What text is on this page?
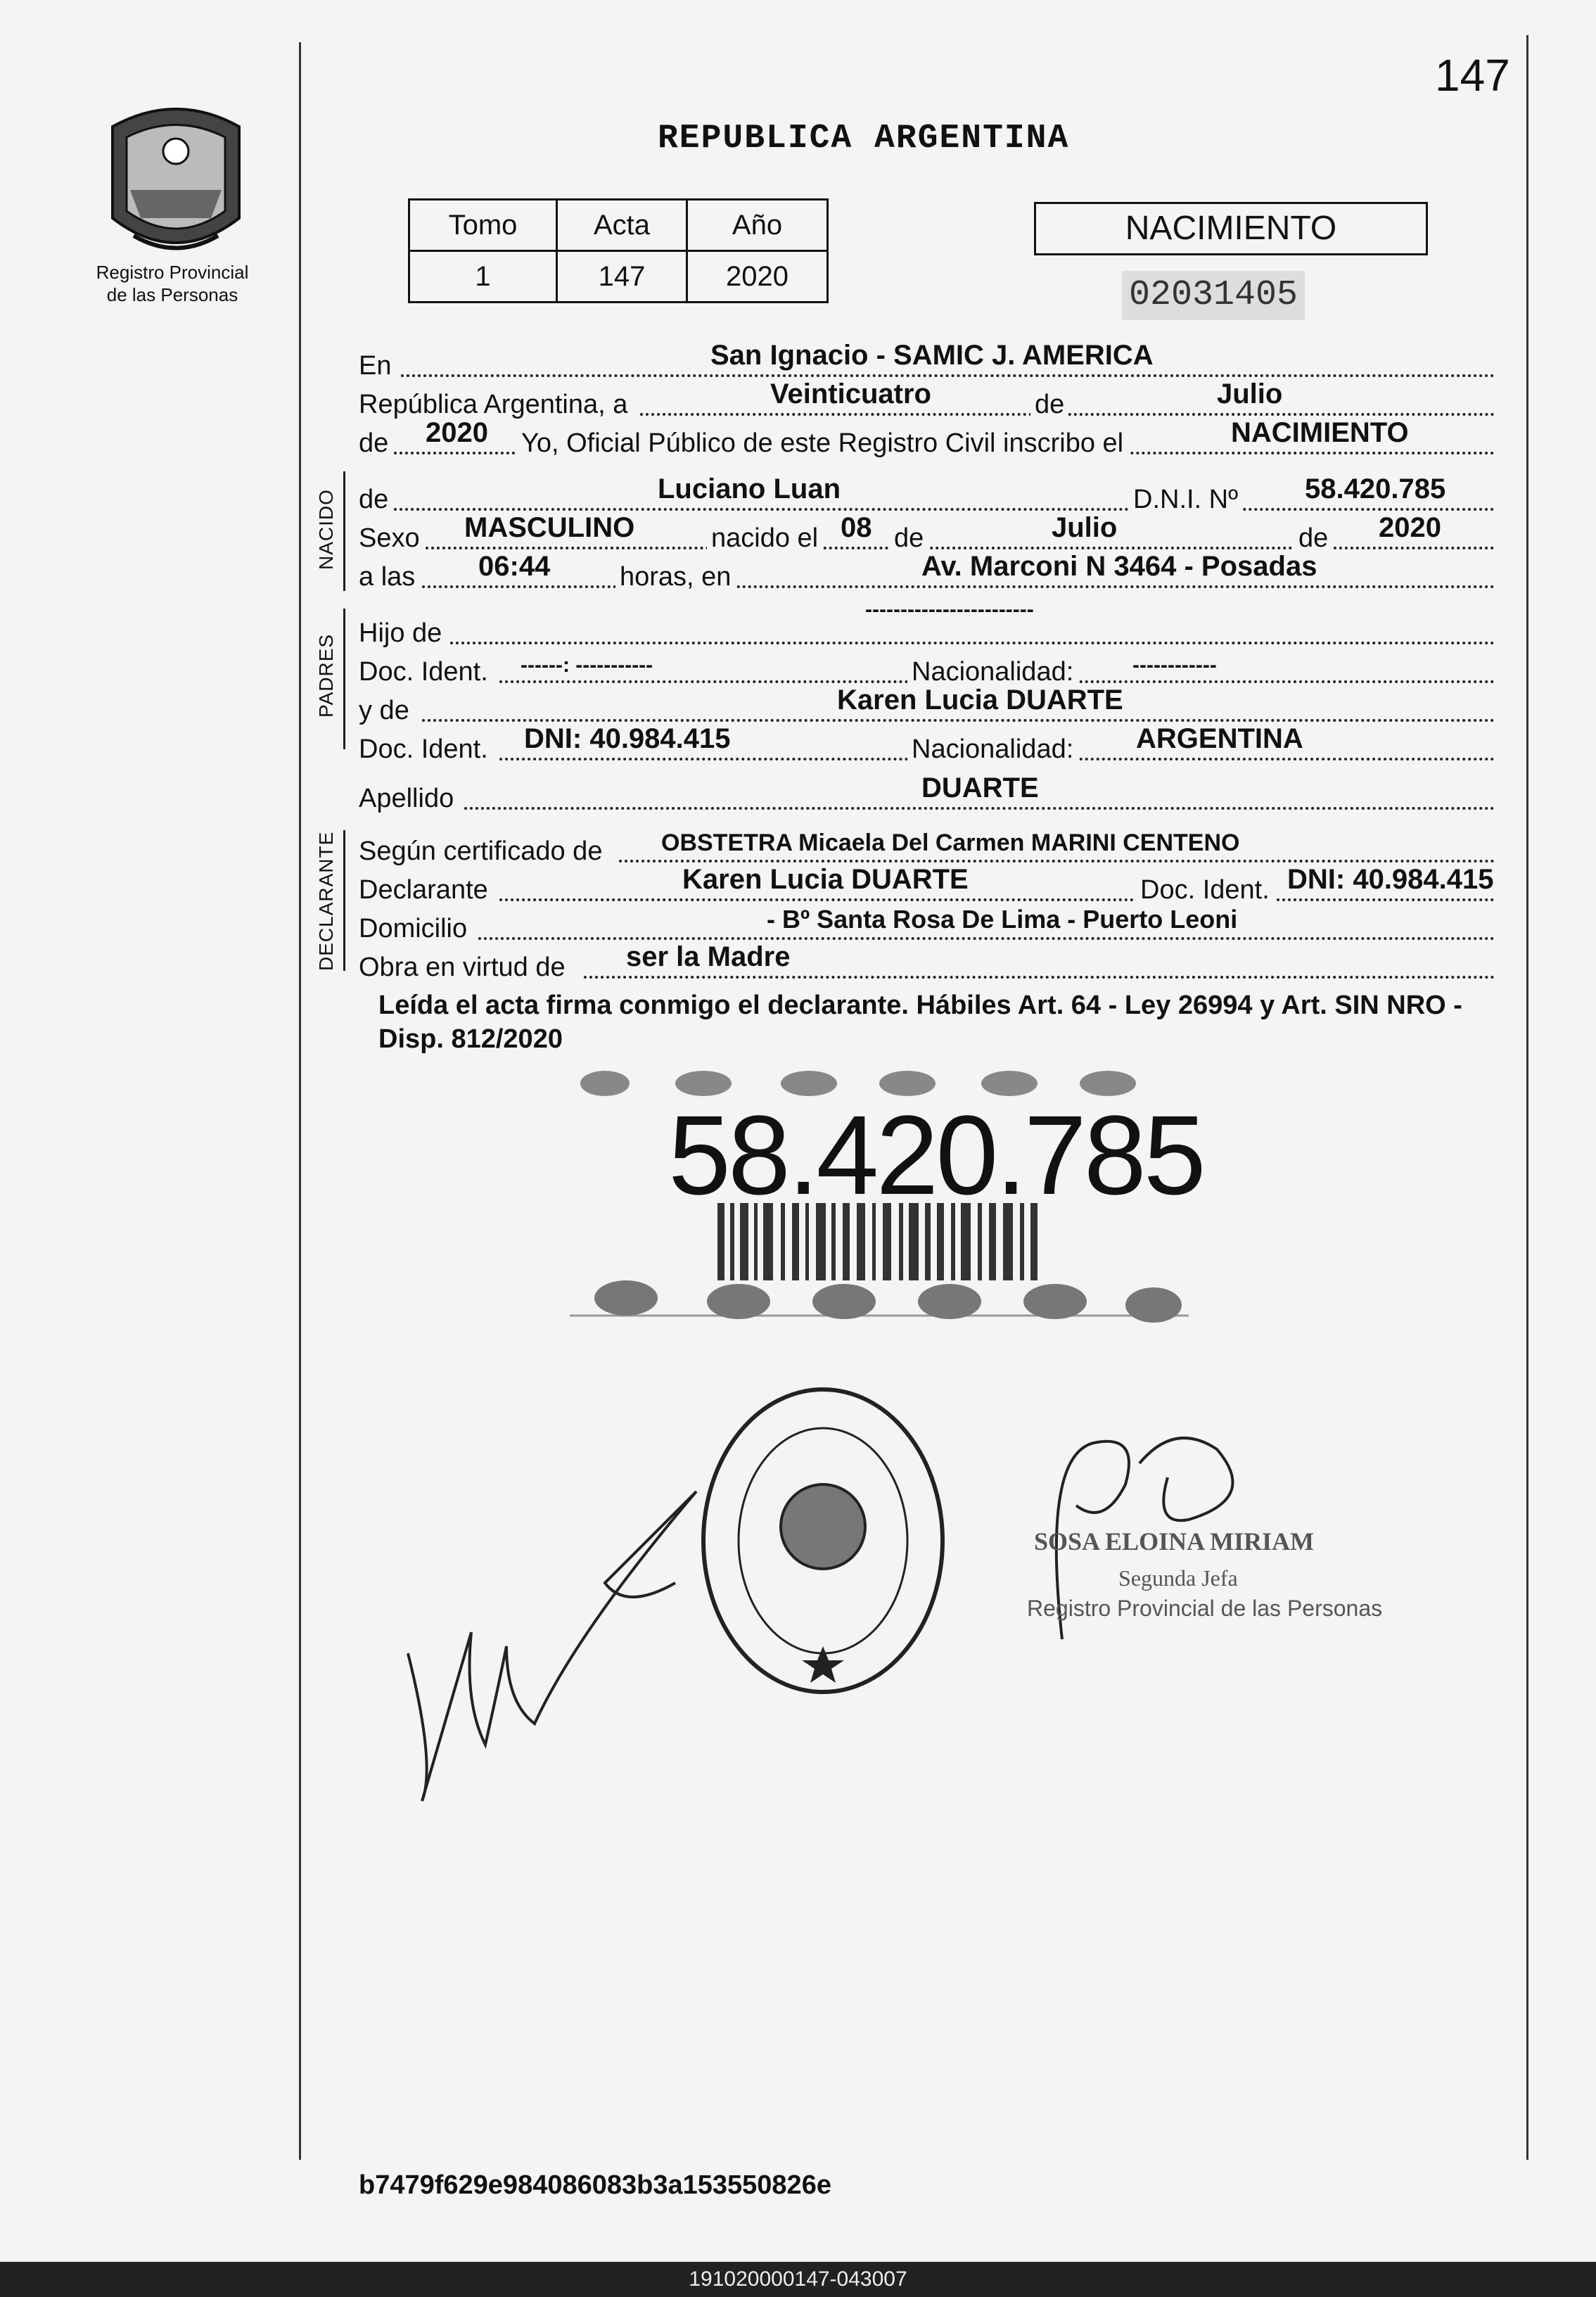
147
Registro Provincial
de las Personas
REPUBLICA ARGENTINA
Tomo	Acta	Año
1	147	2020
NACIMIENTO
02031405
En	San Ignacio - SAMIC J. AMERICA
República Argentina, a	Veinticuatro	de	Julio
de 2020 Yo, Oficial Público de este Registro Civil inscribo el	NACIMIENTO
NACIDO de	Luciano Luan	D.N.I. Nº 58.420.785
Sexo MASCULINO	nacido el 08 de	Julio	de 2020
a las 06:44	horas, en	Av. Marconi N 3464 - Posadas
PADRES
Hijo de
------------------------
Doc. Ident. ------: -----------	Nacionalidad:	------------
y de	Karen Lucia DUARTE
Doc. Ident. DNI: 40.984.415	Nacionalidad: ARGENTINA
Apellido	DUARTE
DECLARANTE Según certificado de OBSTETRA Micaela Del Carmen MARINI CENTENO
Declarante	Karen Lucia DUARTE	Doc. Ident. DNI: 40.984.415
Domicilio	- Bº Santa Rosa De Lima - Puerto Leoni
Obra en virtud de ser la Madre
Leída el acta firma conmigo el declarante. Hábiles Art. 64 - Ley 26994 y Art. SIN NRO - Disp. 812/2020
58.420.785
SOSA ELOINA MIRIAM
Segunda Jefa
Registro Provincial de las Personas
b7479f629e984086083b3a153550826e
191020000147-043007
